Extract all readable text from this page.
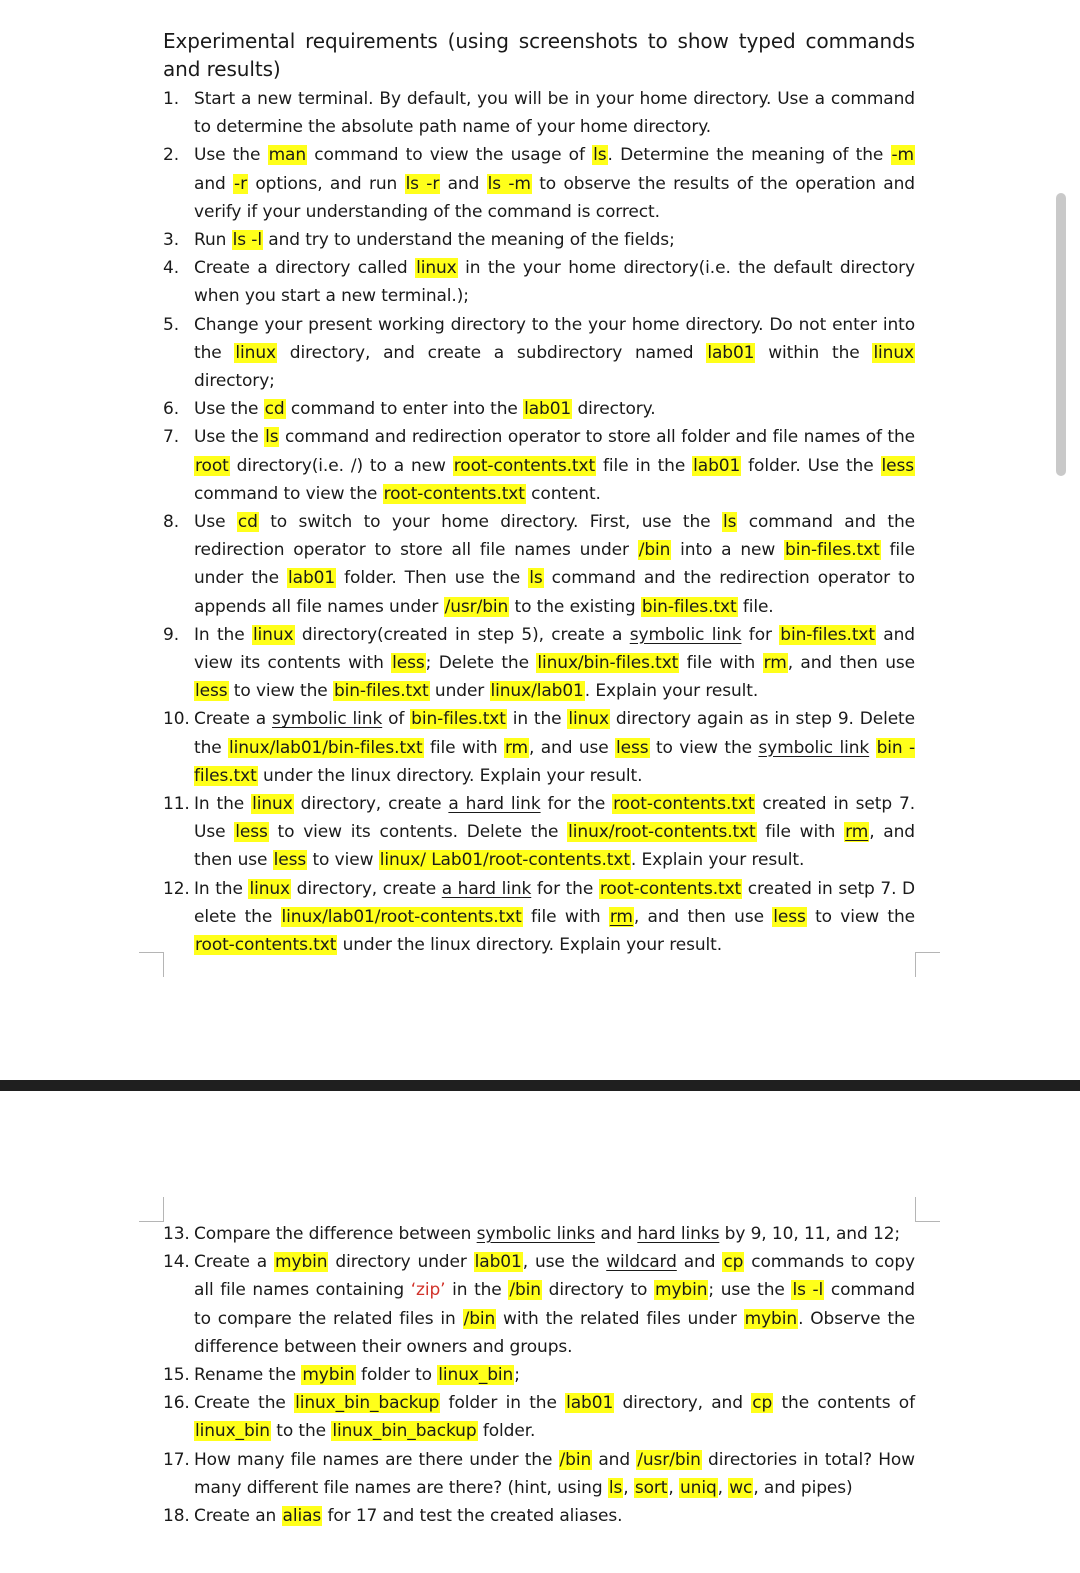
Experimental requirements (using screenshots to show typed commands and results)
1. Start a new terminal. By default, you will be in your home directory. Use a command to determine the absolute path name of your home directory.
2. Use the man command to view the usage of ls. Determine the meaning of the -m and -r options, and run ls -r and ls -m to observe the results of the operation and verify if your understanding of the command is correct.
3. Run ls -l and try to understand the meaning of the fields;
4. Create a directory called linux in the your home directory(i.e. the default directory when you start a new terminal.);
5. Change your present working directory to the your home directory. Do not enter into the linux directory, and create a subdirectory named lab01 within the linux directory;
6. Use the cd command to enter into the lab01 directory.
7. Use the ls command and redirection operator to store all folder and file names of the root directory(i.e. /) to a new root-contents.txt file in the lab01 folder. Use the less command to view the root-contents.txt content.
8. Use cd to switch to your home directory. First, use the ls command and the redirection operator to store all file names under /bin into a new bin-files.txt file under the lab01 folder. Then use the ls command and the redirection operator to appends all file names under /usr/bin to the existing bin-files.txt file.
9. In the linux directory(created in step 5), create a symbolic link for bin-files.txt and view its contents with less; Delete the linux/bin-files.txt file with rm, and then use less to view the bin-files.txt under linux/lab01. Explain your result.
10. Create a symbolic link of bin-files.txt in the linux directory again as in step 9. Delete the linux/lab01/bin-files.txt file with rm, and use less to view the symbolic link bin -files.txt under the linux directory. Explain your result.
11. In the linux directory, create a hard link for the root-contents.txt created in setp 7. Use less to view its contents. Delete the linux/root-contents.txt file with rm, and then use less to view linux/ Lab01/root-contents.txt. Explain your result.
12. In the linux directory, create a hard link for the root-contents.txt created in setp 7. D elete the linux/lab01/root-contents.txt file with rm, and then use less to view the root-contents.txt under the linux directory. Explain your result.
13. Compare the difference between symbolic links and hard links by 9, 10, 11, and 12;
14. Create a mybin directory under lab01, use the wildcard and cp commands to copy all file names containing ‘zip’ in the /bin directory to mybin; use the ls -l command to compare the related files in /bin with the related files under mybin. Observe the difference between their owners and groups.
15. Rename the mybin folder to linux_bin;
16. Create the linux_bin_backup folder in the lab01 directory, and cp the contents of linux_bin to the linux_bin_backup folder.
17. How many file names are there under the /bin and /usr/bin directories in total? How many different file names are there? (hint, using ls, sort, uniq, wc, and pipes)
18. Create an alias for 17 and test the created aliases.
